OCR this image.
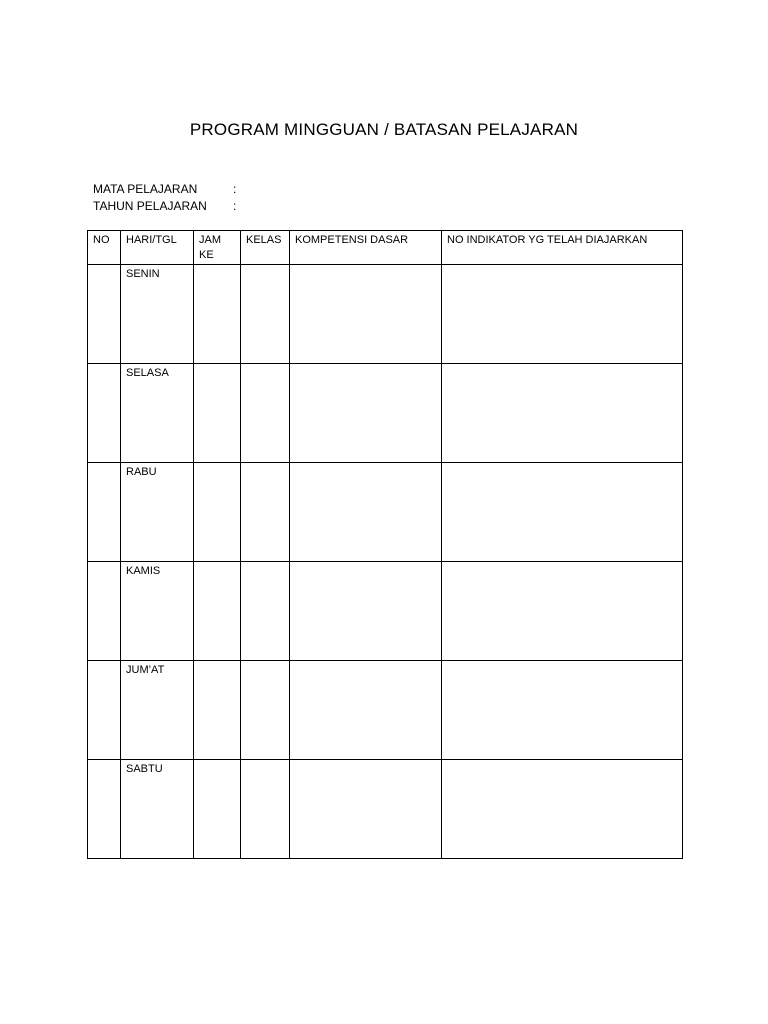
PROGRAM MINGGUAN / BATASAN PELAJARAN
MATA PELAJARAN	:
TAHUN PELAJARAN :
NO	HARI/TGL	JAM KE	KELAS	KOMPETENSI DASAR	NO INDIKATOR YG TELAH DIAJARKAN
	SENIN				
	SELASA				
	RABU				
	KAMIS				
	JUM’AT				
	SABTU				
